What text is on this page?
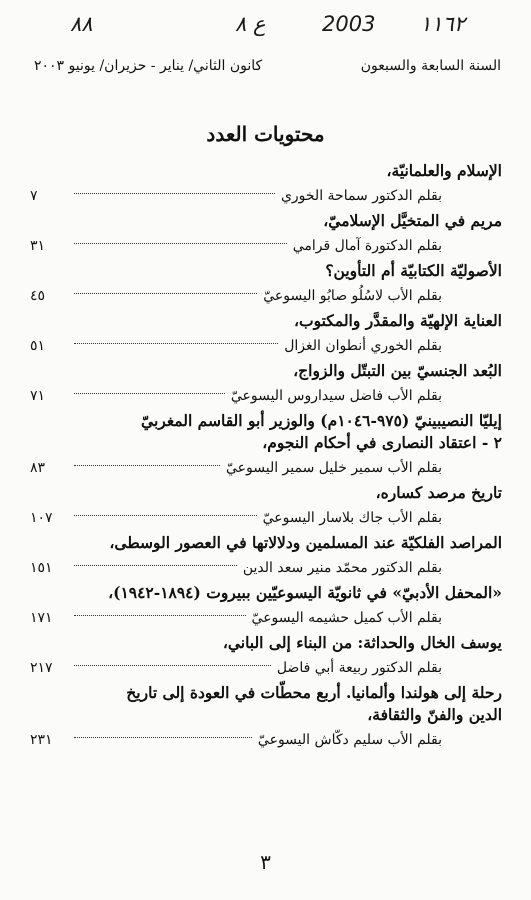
٨٨	ع ٨	2003 ١١٦٢
السنة السابعة والسبعون
كانون الثاني/ يناير - حزيران/ يونيو ٢٠٠٣
محتويات العدد
الإسلام والعلمانيّة،
بقلم الدكتور سماحة الخوري
٧
مريم في المتخيَّل الإسلاميّ،
بقلم الدكتورة آمال قرامي
٣١
الأصوليّة الكتابيّة أم التأوين؟
بقلم الأب لاسُلُو صابُو اليسوعيّ
٤٥
العناية الإلهيّة والمقدَّر والمكتوب،
بقلم الخوري أنطوان الغزال
٥١
البُعد الجنسيّ بين التبتّل والزواج،
بقلم الأب فاضل سيداروس اليسوعيّ
٧١
إيليّا النصيبينيّ (٩٧٥-١٠٤٦م) والوزير أبو القاسم المغربيّ
٢ - اعتقاد النصارى في أحكام النجوم،
بقلم الأب سمير خليل سمير اليسوعيّ
٨٣
تاريخ مرصد كساره،
بقلم الأب جاك بلاسار اليسوعيّ
١٠٧
المراصد الفلكيّة عند المسلمين ودلالاتها في العصور الوسطى،
بقلم الدكتور محمّد منير سعد الدين
١٥١
«المحفل الأدبيّ» في ثانويّة اليسوعيّين ببيروت (١٨٩٤-١٩٤٢)،
بقلم الأب كميل حشيمه اليسوعيّ
١٧١
يوسف الخال والحداثة: من البناء إلى الباني،
بقلم الدكتور ربيعة أبي فاضل
٢١٧
رحلة إلى هولندا وألمانيا. أربع محطّات في العودة إلى تاريخ
الدين والفنّ والثقافة،
بقلم الأب سليم دكّاش اليسوعيّ
٢٣١
٣
